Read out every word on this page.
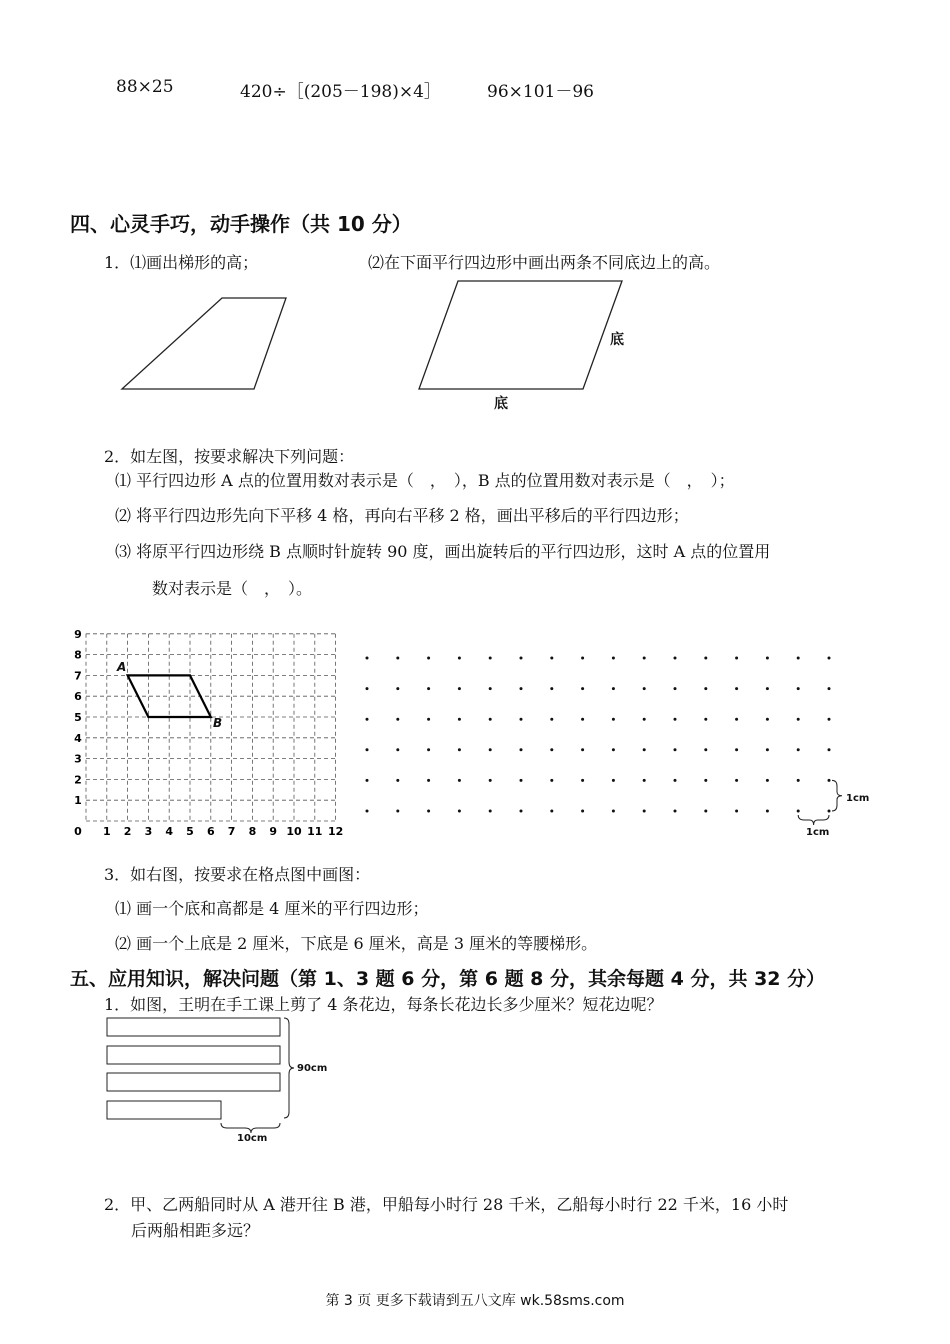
88×25	420÷［(205－198)×4］	96×101－96
四、心灵手巧，动手操作（共 10 分）
1．⑴画出梯形的高；	⑵在下面平行四边形中画出两条不同底边上的高。
底
底
2．如左图，按要求解决下列问题：
⑴ 平行四边形 A 点的位置用数对表示是（　，　），B 点的位置用数对表示是（　，　）；
⑵ 将平行四边形先向下平移 4 格，再向右平移 2 格，画出平移后的平行四边形；
⑶ 将原平行四边形绕 B 点顺时针旋转 90 度，画出旋转后的平行四边形，这时 A 点的位置用
数对表示是（　，　）。
0 1 2 3 4 5 6 7 8 9 10 11 12
1
2
3
4
5
6
7
8
9
A
B
1cm
1cm
3．如右图，按要求在格点图中画图：
⑴ 画一个底和高都是 4 厘米的平行四边形；
⑵ 画一个上底是 2 厘米，下底是 6 厘米，高是 3 厘米的等腰梯形。
五、应用知识，解决问题（第 1、3 题 6 分，第 6 题 8 分，其余每题 4 分，共 32 分）
1．如图，王明在手工课上剪了 4 条花边，每条长花边长多少厘米？短花边呢？
90cm
10cm
2．甲、乙两船同时从 A 港开往 B 港，甲船每小时行 28 千米，乙船每小时行 22 千米，16 小时
后两船相距多远？
第 3 页 更多下载请到五八文库 wk.58sms.com
